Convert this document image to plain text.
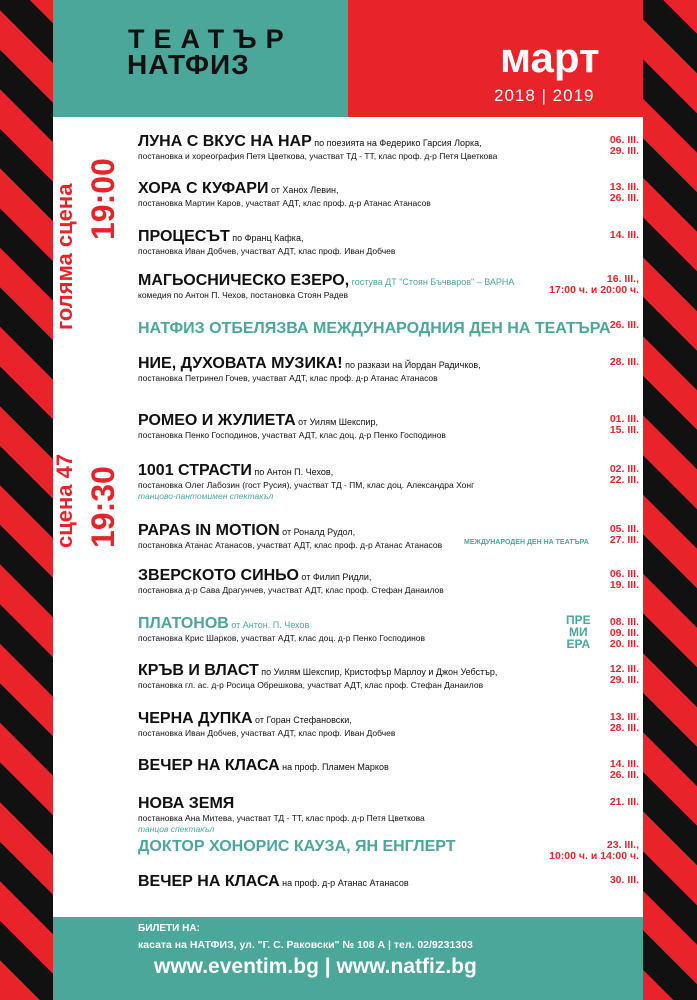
ТЕАТЪР
НАТФИЗ	март
2018 | 2019
голяма сцена 19:00
сцена 47 19:30
ЛУНА С ВКУС НА НАР по поезията на Федерико Гарсия Лорка,
постановка и хореография Петя Цветкова, участват ТД - ТТ, клас проф. д-р Петя Цветкова
06. III.
29. III.
ХОРА С КУФАРИ от Ханох Левин,
постановка Мартин Каров, участват АДТ, клас проф. д-р Атанас Атанасов
13. III.
26. III.
ПРОЦЕСЪТ по Франц Кафка,
постановка Иван Добчев, участват АДТ, клас проф. Иван Добчев
14. III.
МАГЬОСНИЧЕСКО ЕЗЕРО, гостува ДТ "Стоян Бъчваров" – ВАРНА
комедия по Антон П. Чехов, постановка Стоян Радев
16. III.,
17:00 ч. и 20:00 ч.
НАТФИЗ ОТБЕЛЯЗВА МЕЖДУНАРОДНИЯ ДЕН НА ТЕАТЪРА 26. III.
НИЕ, ДУХОВАТА МУЗИКА! по разкази на Йордан Радичков,
постановка Петринел Гочев, участват АДТ, клас проф. д-р Атанас Атанасов
28. III.
РОМЕО И ЖУЛИЕТА от Уилям Шекспир,
постановка Пенко Господинов, участват АДТ, клас доц. д-р Пенко Господинов
01. III.
15. III.
1001 СТРАСТИ по Антон П. Чехов,
постановка Олег Лабозин (гост Русия), участват ТД - ПМ, клас доц. Александра Хонг
танцово-пантомимен спектакъл
02. III.
22. III.
PAPAS IN MOTION от Роналд Рудол,
постановка Атанас Атанасов, участват АДТ, клас проф. д-р Атанас Атанасов
05. III.
27. III.
МЕЖДУНАРОДЕН ДЕН НА ТЕАТЪРА
ЗВЕРСКОТО СИНЬО от Филип Ридли,
постановка д-р Сава Драгунчев, участват АДТ, клас проф. Стефан Данаилов
06. III.
19. III.
ПЛАТОНОВ от Антон. П. Чехов
постановка Крис Шарков, участват АДТ, клас доц. д-р Пенко Господинов
08. III.
09. III.
20. III.
ПРЕ
МИ
ЕРА
КРЪВ И ВЛАСТ по Уилям Шекспир, Кристофър Марлоу и Джон Уебстър,
постановка гл. ас. д-р Росица Обрешкова, участват АДТ, клас проф. Стефан Данаилов
12. III.
29. III.
ЧЕРНА ДУПКА от Горан Стефановски,
постановка Иван Добчев, участват АДТ, клас проф. Иван Добчев
13. III.
28. III.
ВЕЧЕР НА КЛАСА на проф. Пламен Марков	14. III.
26. III.
НОВА ЗЕМЯ
постановка Ана Митева, участват ТД - ТТ, клас проф. д-р Петя Цветкова
танцов спектакъл
21. III.
ДОКТОР ХОНОРИС КАУЗА, ЯН ЕНГЛЕРТ	23. III.,
10:00 ч. и 14:00 ч.
ВЕЧЕР НА КЛАСА на проф. д-р Атанас Атанасов	30. III.
БИЛЕТИ НА:
касата на НАТФИЗ, ул. "Г. С. Раковски" № 108 А | тел. 02/9231303
www.eventim.bg | www.natfiz.bg
